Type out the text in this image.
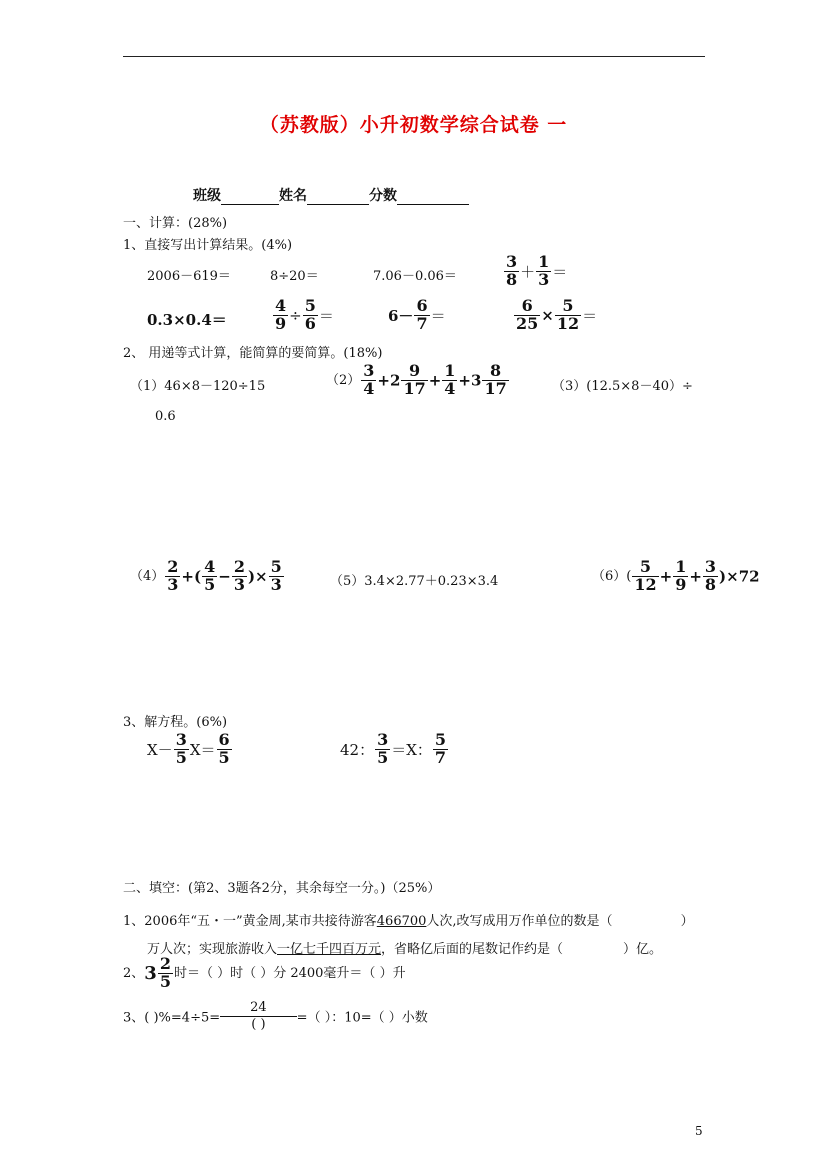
（苏教版）小升初数学综合试卷 一
班级	姓名	分数
一、计算：(28%)
1、直接写出计算结果。(4%)
2006－619＝	8÷20＝	7.06－0.06＝	$\frac{3}{8} + \frac{1}{3}$ ＝
0.3×0.4＝	$\frac{4}{9} \div \frac{5}{6}$ ＝	$6- \frac{6}{7}$ ＝	$\frac{6}{25} \times \frac{5}{12}$ ＝
2、 用递等式计算，能简算的要简算。(18%)
（1）46×8－120÷15	$(2) \frac{3}{4} +2 \frac{9}{17} + \frac{1}{4} +3 \frac{8}{17}$	（3）(12.5×8－40）÷
0.6
$(4) \frac{2}{3}$ +( $\frac{4}{5} - \frac{2}{3}$ )× $\frac{5}{3}$	（5）3.4×2.77＋0.23×3.4	$(6)( \frac{5}{12} + \frac{1}{9} + \frac{3}{8} )\times 72$
3、解方程。(6%)
$X- \frac{3}{5} X= \frac{6}{5}$	42： $\frac{3}{5} =X$： $\frac{5}{7}$
二、填空：(第2、3题各2分，其余每空一分。)（25%）
1、2006年“五・一”黄金周,某市共接待游客466700人次,改写成用万作单位的数是（	）
万人次；实现旅游收入一亿七千四百万元，省略亿后面的尾数记作约是（	）亿。
2、$3 \frac{2}{5}$ 时＝（ ）时（ ）分 2400毫升＝（ ）升
3、( )$\%=4\div 5= \frac{24}{( )}$ =（ ）：10=（ ）小数
5
